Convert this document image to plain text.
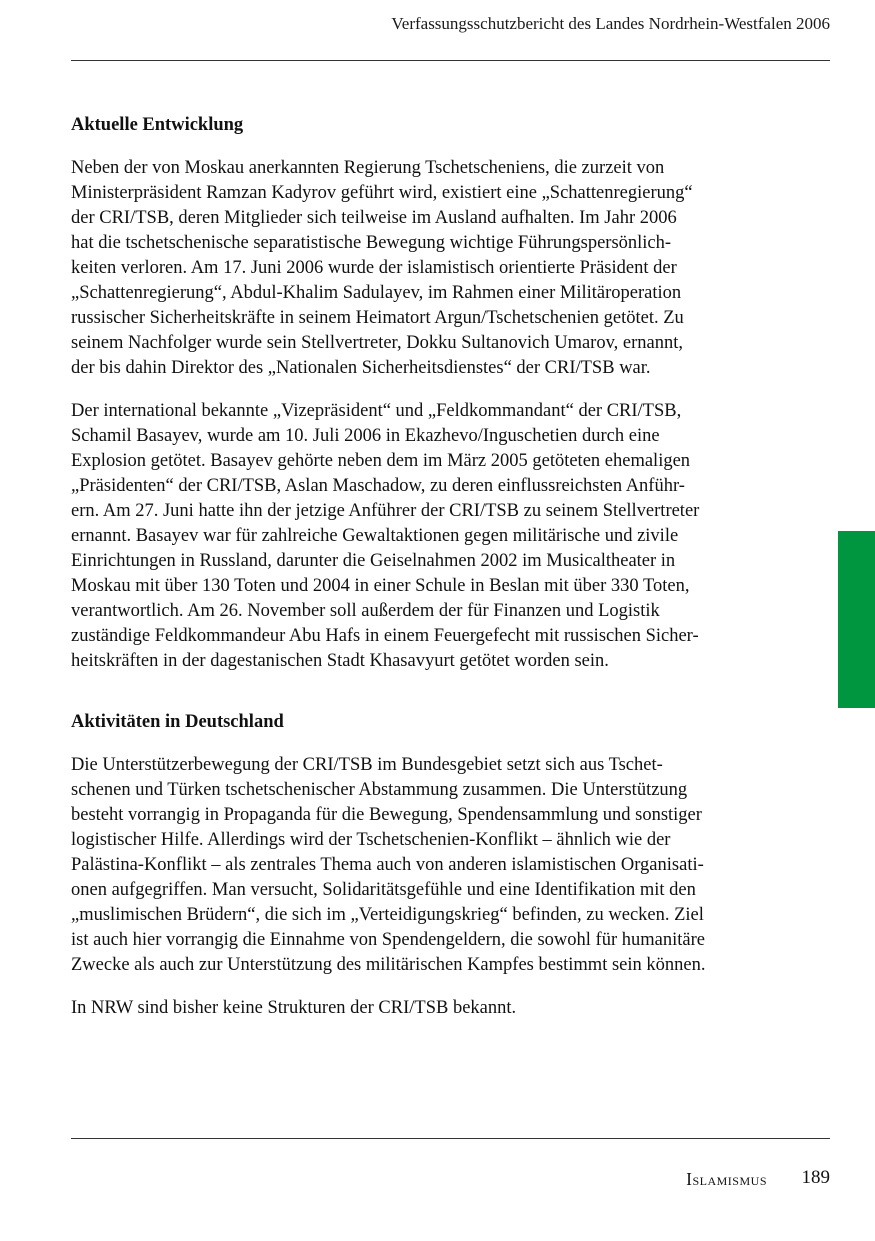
Verfassungsschutzbericht des Landes Nordrhein-Westfalen 2006
Aktuelle Entwicklung
Neben der von Moskau anerkannten Regierung Tschetscheniens, die zurzeit von
Ministerpräsident Ramzan Kadyrov geführt wird, existiert eine „Schattenregierung“
der CRI/TSB, deren Mitglieder sich teilweise im Ausland aufhalten. Im Jahr 2006
hat die tschetschenische separatistische Bewegung wichtige Führungspersönlich-
keiten verloren. Am 17. Juni 2006 wurde der islamistisch orientierte Präsident der
„Schattenregierung“, Abdul-Khalim Sadulayev, im Rahmen einer Militäroperation
russischer Sicherheitskräfte in seinem Heimatort Argun/Tschetschenien getötet. Zu
seinem Nachfolger wurde sein Stellvertreter, Dokku Sultanovich Umarov, ernannt,
der bis dahin Direktor des „Nationalen Sicherheitsdienstes“ der CRI/TSB war.
Der international bekannte „Vizepräsident“ und „Feldkommandant“ der CRI/TSB,
Schamil Basayev, wurde am 10. Juli 2006 in Ekazhevo/Inguschetien durch eine
Explosion getötet. Basayev gehörte neben dem im März 2005 getöteten ehemaligen
„Präsidenten“ der CRI/TSB, Aslan Maschadow, zu deren einflussreichsten Anführ-
ern. Am 27. Juni hatte ihn der jetzige Anführer der CRI/TSB zu seinem Stellvertreter
ernannt. Basayev war für zahlreiche Gewaltaktionen gegen militärische und zivile
Einrichtungen in Russland, darunter die Geiselnahmen 2002 im Musicaltheater in
Moskau mit über 130 Toten und 2004 in einer Schule in Beslan mit über 330 Toten,
verantwortlich. Am 26. November soll außerdem der für Finanzen und Logistik
zuständige Feldkommandeur Abu Hafs in einem Feuergefecht mit russischen Sicher-
heitskräften in der dagestanischen Stadt Khasavyurt getötet worden sein.
Aktivitäten in Deutschland
Die Unterstützerbewegung der CRI/TSB im Bundesgebiet setzt sich aus Tschet-
schenen und Türken tschetschenischer Abstammung zusammen. Die Unterstützung
besteht vorrangig in Propaganda für die Bewegung, Spendensammlung und sonstiger
logistischer Hilfe. Allerdings wird der Tschetschenien-Konflikt – ähnlich wie der
Palästina-Konflikt – als zentrales Thema auch von anderen islamistischen Organisati-
onen aufgegriffen. Man versucht, Solidaritätsgefühle und eine Identifikation mit den
„muslimischen Brüdern“, die sich im „Verteidigungskrieg“ befinden, zu wecken. Ziel
ist auch hier vorrangig die Einnahme von Spendengeldern, die sowohl für humanitäre
Zwecke als auch zur Unterstützung des militärischen Kampfes bestimmt sein können.
In NRW sind bisher keine Strukturen der CRI/TSB bekannt.
Islamismus 189
